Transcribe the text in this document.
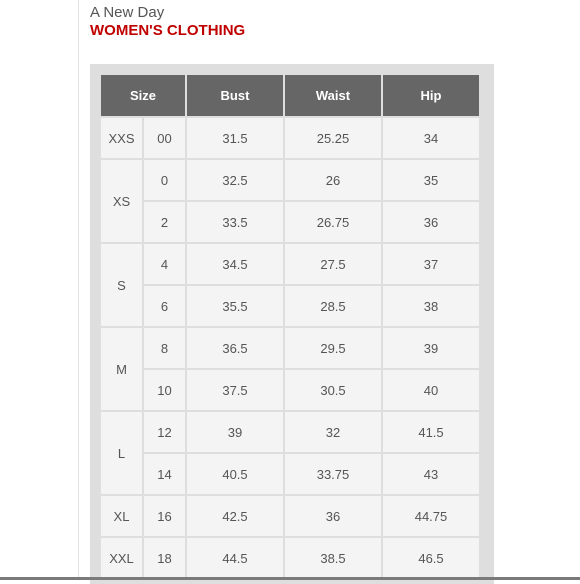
A New Day
WOMEN'S CLOTHING
Size		Bust	Waist	Hip
XXS	00	31.5	25.25	34
XS	0	32.5	26	35
	2	33.5	26.75	36
S	4	34.5	27.5	37
	6	35.5	28.5	38
M	8	36.5	29.5	39
	10	37.5	30.5	40
L	12	39	32	41.5
	14	40.5	33.75	43
XL	16	42.5	36	44.75
XXL	18	44.5	38.5	46.5
